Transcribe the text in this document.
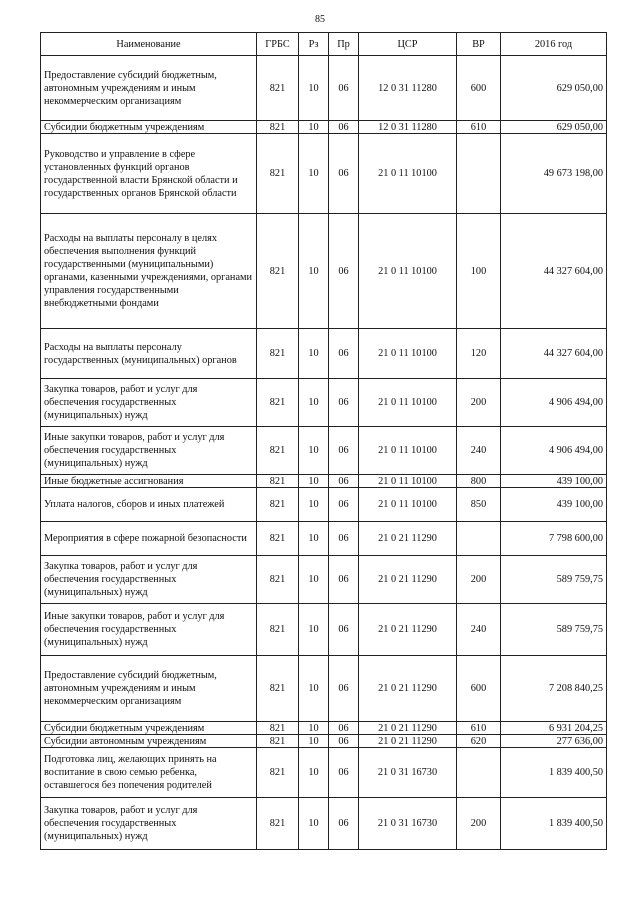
85
Наименование	ГРБС	Рз	Пр	ЦСР	ВР	2016 год
Предоставление субсидий бюджетным, автономным учреждениям и иным некоммерческим организациям	821	10	06	12 0 31 11280	600	629 050,00
Субсидии бюджетным учреждениям	821	10	06	12 0 31 11280	610	629 050,00
Руководство и управление в сфере установленных функций органов государственной власти Брянской области и государственных органов Брянской области	821	10	06	21 0 11 10100		49 673 198,00
Расходы на выплаты персоналу в целях обеспечения выполнения функций государственными (муниципальными) органами, казенными учреждениями, органами управления государственными внебюджетными фондами	821	10	06	21 0 11 10100	100	44 327 604,00
Расходы на выплаты персоналу государственных (муниципальных) органов	821	10	06	21 0 11 10100	120	44 327 604,00
Закупка товаров, работ и услуг для обеспечения государственных (муниципальных) нужд	821	10	06	21 0 11 10100	200	4 906 494,00
Иные закупки товаров, работ и услуг для обеспечения государственных (муниципальных) нужд	821	10	06	21 0 11 10100	240	4 906 494,00
Иные бюджетные ассигнования	821	10	06	21 0 11 10100	800	439 100,00
Уплата налогов, сборов и иных платежей	821	10	06	21 0 11 10100	850	439 100,00
Мероприятия в сфере пожарной безопасности	821	10	06	21 0 21 11290		7 798 600,00
Закупка товаров, работ и услуг для обеспечения государственных (муниципальных) нужд	821	10	06	21 0 21 11290	200	589 759,75
Иные закупки товаров, работ и услуг для обеспечения государственных (муниципальных) нужд	821	10	06	21 0 21 11290	240	589 759,75
Предоставление субсидий бюджетным, автономным учреждениям и иным некоммерческим организациям	821	10	06	21 0 21 11290	600	7 208 840,25
Субсидии бюджетным учреждениям	821	10	06	21 0 21 11290	610	6 931 204,25
Субсидии автономным учреждениям	821	10	06	21 0 21 11290	620	277 636,00
Подготовка лиц, желающих принять на воспитание в свою семью ребенка, оставшегося без попечения родителей	821	10	06	21 0 31 16730		1 839 400,50
Закупка товаров, работ и услуг для обеспечения государственных (муниципальных) нужд	821	10	06	21 0 31 16730	200	1 839 400,50
